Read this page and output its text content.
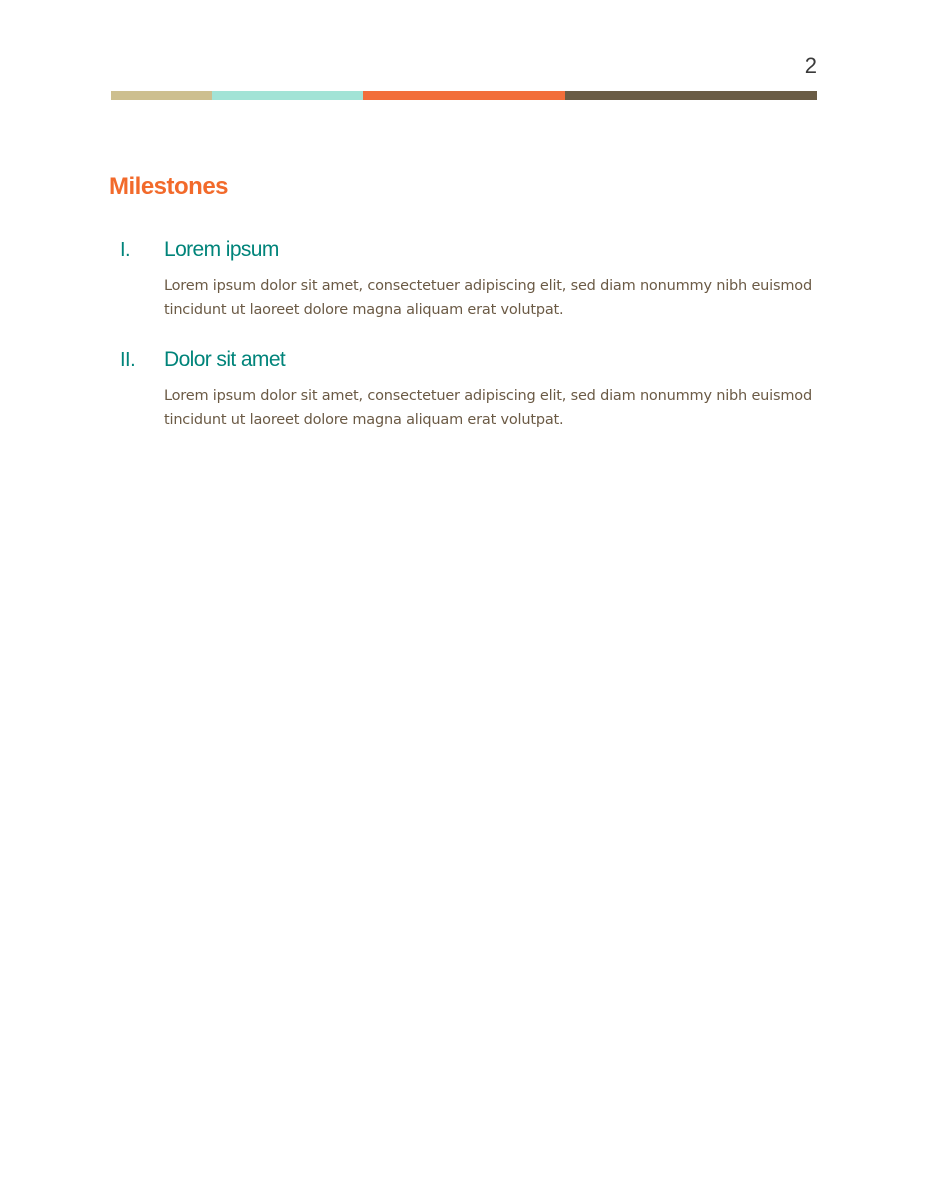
2
Milestones
I.	Lorem ipsum

Lorem ipsum dolor sit amet, consectetuer adipiscing elit, sed diam nonummy nibh euismod tincidunt ut laoreet dolore magna aliquam erat volutpat.

II.	Dolor sit amet

Lorem ipsum dolor sit amet, consectetuer adipiscing elit, sed diam nonummy nibh euismod tincidunt ut laoreet dolore magna aliquam erat volutpat.
